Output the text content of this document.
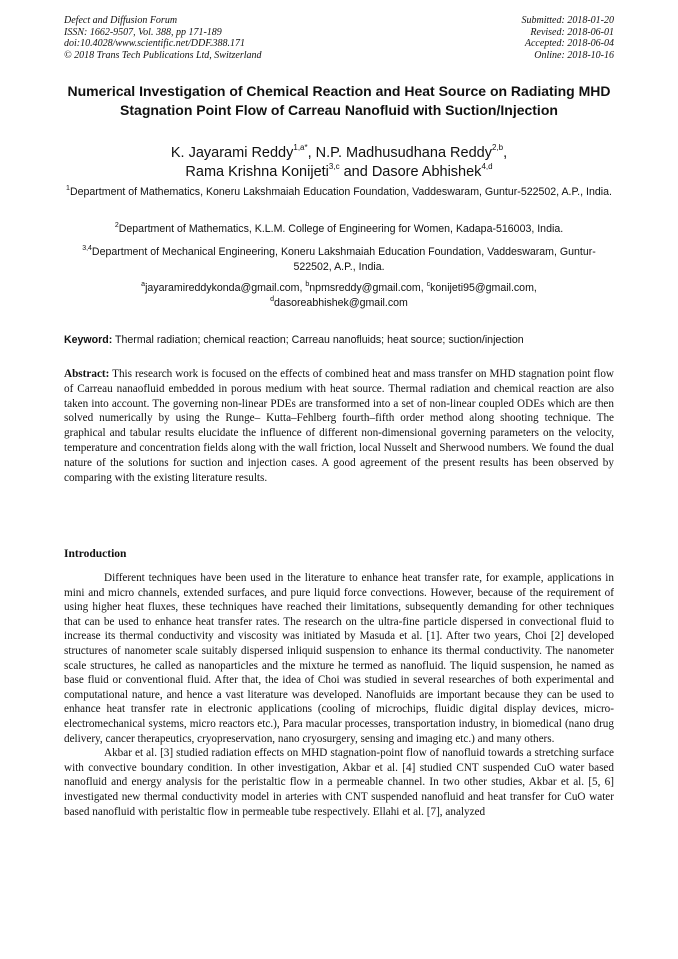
Defect and Diffusion Forum
ISSN: 1662-9507, Vol. 388, pp 171-189
doi:10.4028/www.scientific.net/DDF.388.171
© 2018 Trans Tech Publications Ltd, Switzerland
Submitted: 2018-01-20
Revised: 2018-06-01
Accepted: 2018-06-04
Online: 2018-10-16
Numerical Investigation of Chemical Reaction and Heat Source on Radiating MHD Stagnation Point Flow of Carreau Nanofluid with Suction/Injection
K. Jayarami Reddy$^{1,a*}$, N.P. Madhusudhana Reddy$^{2,b}$,
Rama Krishna Konijeti$^{3,c}$ and Dasore Abhishek$^{4,d}$
$^1$Department of Mathematics, Koneru Lakshmaiah Education Foundation, Vaddeswaram, Guntur-522502, A.P., India.
$^2$Department of Mathematics, K.L.M. College of Engineering for Women, Kadapa-516003, India.
$^{3,4}$Department of Mechanical Engineering, Koneru Lakshmaiah Education Foundation, Vaddeswaram, Guntur-522502, A.P., India.
$^a$jayaramireddykonda@gmail.com, $^b$npmsreddy@gmail.com, $^c$konijeti95@gmail.com,
$^d$dasoreabhishek@gmail.com
Keyword: Thermal radiation; chemical reaction; Carreau nanofluids; heat source; suction/injection
Abstract: This research work is focused on the effects of combined heat and mass transfer on MHD stagnation point flow of Carreau nanaofluid embedded in porous medium with heat source. Thermal radiation and chemical reaction are also taken into account. The governing non-linear PDEs are transformed into a set of non-linear coupled ODEs which are then solved numerically by using the Runge– Kutta–Fehlberg fourth–fifth order method along shooting technique. The graphical and tabular results elucidate the influence of different non-dimensional governing parameters on the velocity, temperature and concentration fields along with the wall friction, local Nusselt and Sherwood numbers. We found the dual nature of the solutions for suction and injection cases. A good agreement of the present results has been observed by comparing with the existing literature results.
Introduction

Different techniques have been used in the literature to enhance heat transfer rate, for example, applications in mini and micro channels, extended surfaces, and pure liquid force convections. However, because of the requirement of using higher heat fluxes, these techniques have reached their limitations, subsequently demanding for other techniques that can be used to enhance heat transfer rates. The research on the ultra-fine particle dispersed in convectional fluid to increase its thermal conductivity and viscosity was initiated by Masuda et al. [1]. After two years, Choi [2] developed structures of nanometer scale suitably dispersed inliquid suspension to enhance its thermal conductivity. The nanometer scale structures, he called as nanoparticles and the mixture he termed as nanofluid. The liquid suspension, he named as base fluid or conventional fluid. After that, the idea of Choi was studied in several researches of both experimental and computational nature, and hence a vast literature was developed. Nanofluids are important because they can be used to enhance heat transfer rate in electronic applications (cooling of microchips, fluidic digital display devices, micro-electromechanical systems, micro reactors etc.), Para macular processes, transportation industry, in biomedical (nano drug delivery, cancer therapeutics, cryopreservation, nano cryosurgery, sensing and imaging etc.) and many others.

Akbar et al. [3] studied radiation effects on MHD stagnation-point flow of nanofluid towards a stretching surface with convective boundary condition. In other investigation, Akbar et al. [4] studied CNT suspended CuO water based nanofluid and energy analysis for the peristaltic flow in a permeable channel. In two other studies, Akbar et al. [5, 6] investigated new thermal conductivity model in arteries with CNT suspended nanofluid and heat transfer for CuO water based nanofluid with peristaltic flow in permeable tube respectively. Ellahi et al. [7], analyzed
